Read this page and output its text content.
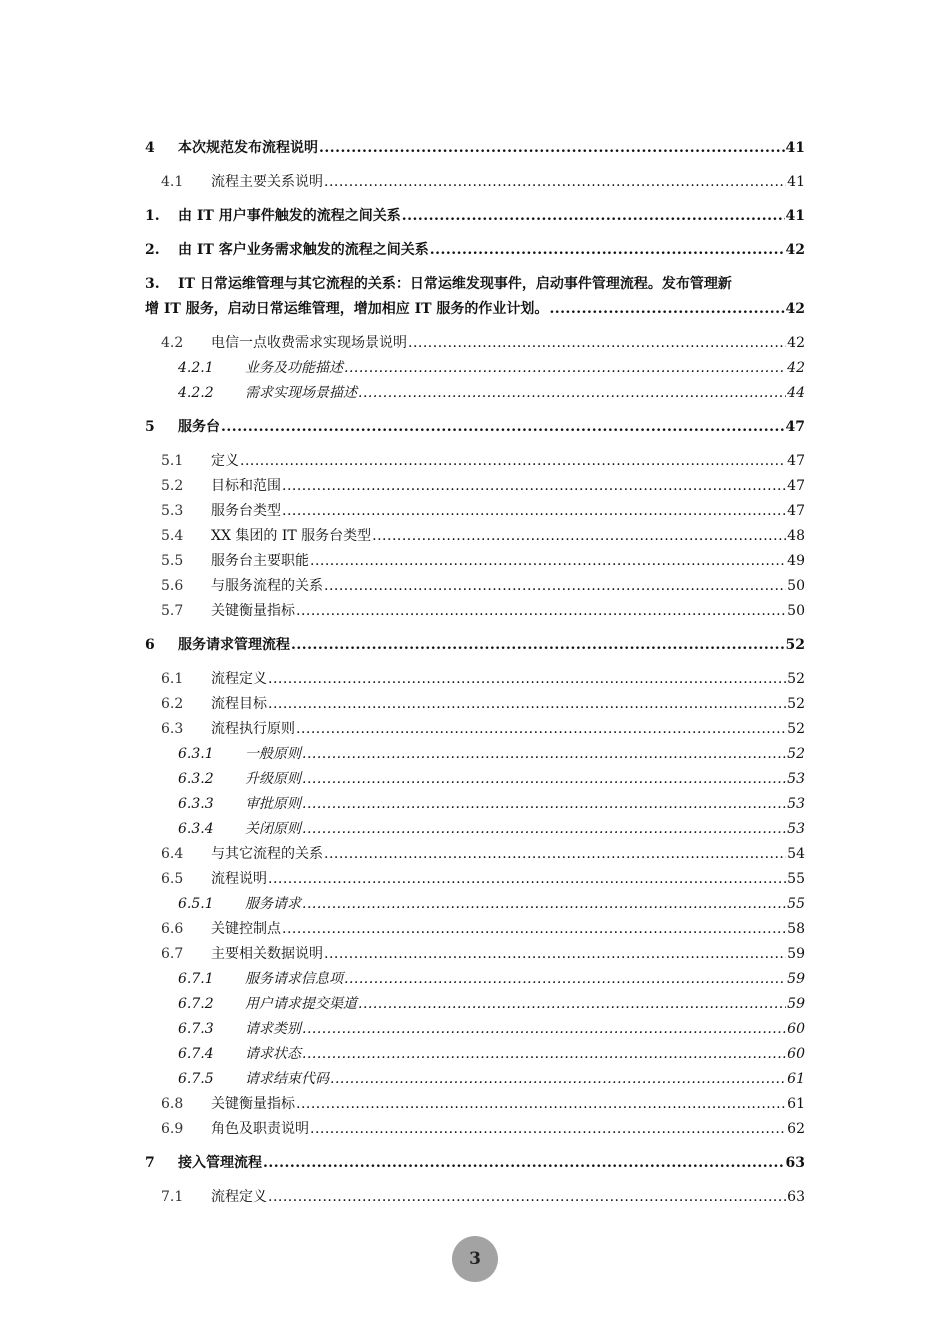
4	本次规范发布流程说明 .....	41
4.1	流程主要关系说明 .....	41
1.	由 IT 用户事件触发的流程之间关系 .....	41
2.	由 IT 客户业务需求触发的流程之间关系 .....	42
3.	IT 日常运维管理与其它流程的关系：日常运维发现事件，启动事件管理流程。发布管理新
增 IT 服务，启动日常运维管理，增加相应 IT 服务的作业计划。 .....	42
4.2	电信一点收费需求实现场景说明 .....	42
4.2.1	业务及功能描述 .....	42
4.2.2	需求实现场景描述 .....	44
5	服务台 .....	47
5.1	定义 .....	47
5.2	目标和范围 .....	47
5.3	服务台类型 .....	47
5.4	XX 集团的 IT 服务台类型 .....	48
5.5	服务台主要职能 .....	49
5.6	与服务流程的关系 .....	50
5.7	关键衡量指标 .....	50
6	服务请求管理流程 .....	52
6.1	流程定义 .....	52
6.2	流程目标 .....	52
6.3	流程执行原则 .....	52
6.3.1	一般原则 .....	52
6.3.2	升级原则 .....	53
6.3.3	审批原则 .....	53
6.3.4	关闭原则 .....	53
6.4	与其它流程的关系 .....	54
6.5	流程说明 .....	55
6.5.1	服务请求 .....	55
6.6	关键控制点 .....	58
6.7	主要相关数据说明 .....	59
6.7.1	服务请求信息项 .....	59
6.7.2	用户请求提交渠道 .....	59
6.7.3	请求类别 .....	60
6.7.4	请求状态 .....	60
6.7.5	请求结束代码 .....	61
6.8	关键衡量指标 .....	61
6.9	角色及职责说明 .....	62
7	接入管理流程 .....	63
7.1	流程定义 .....	63
3
